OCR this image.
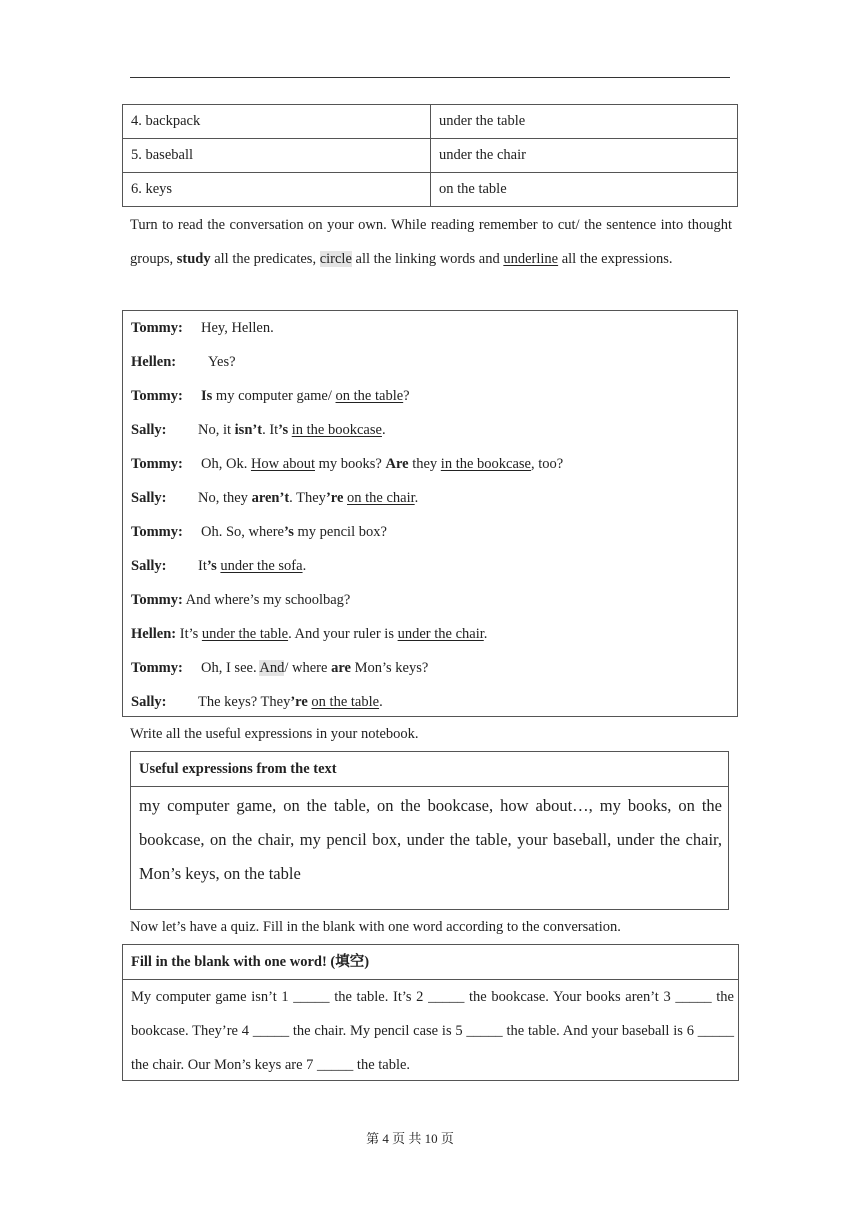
4. backpack	under the table
5. baseball	under the chair
6. keys	on the table

Turn to read the conversation on your own. While reading remember to cut/ the sentence into thought groups, study all the predicates, circle all the linking words and underline all the expressions.

Tommy: Hey, Hellen.
Hellen: Yes?
Tommy: Is my computer game/ on the table?
Sally: No, it isn’t. It’s in the bookcase.
Tommy: Oh, Ok. How about my books? Are they in the bookcase, too?
Sally: No, they aren’t. They’re on the chair.
Tommy: Oh. So, where’s my pencil box?
Sally: It’s under the sofa.
Tommy: And where’s my schoolbag?
Hellen: It’s under the table. And your ruler is under the chair.
Tommy: Oh, I see. And/ where are Mon’s keys?
Sally: The keys? They’re on the table.

Write all the useful expressions in your notebook.

Useful expressions from the text
my computer game, on the table, on the bookcase, how about…, my books, on the bookcase, on the chair, my pencil box, under the table, your baseball, under the chair, Mon’s keys, on the table

Now let’s have a quiz. Fill in the blank with one word according to the conversation.

Fill in the blank with one word! (填空)
My computer game isn’t 1 _____ the table. It’s 2 _____ the bookcase. Your books aren’t 3 _____ the bookcase. They’re 4 _____ the chair. My pencil case is 5 _____ the table. And your baseball is 6 _____ the chair. Our Mon’s keys are 7 _____ the table.
第 4 页 共 10 页
